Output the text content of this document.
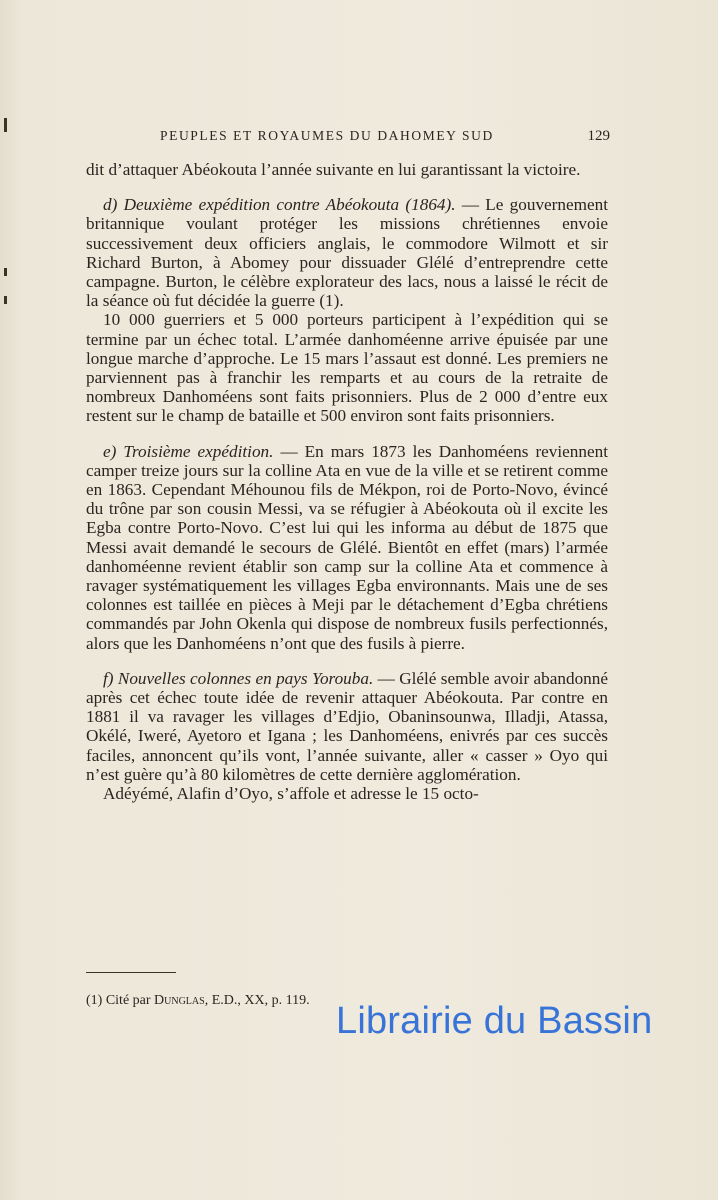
PEUPLES ET ROYAUMES DU DAHOMEY SUD	129

dit d’attaquer Abéokouta l’année suivante en lui garantissant la victoire.

d) Deuxième expédition contre Abéokouta (1864). — Le gouvernement britannique voulant protéger les missions chrétiennes envoie successivement deux officiers anglais, le commodore Wilmott et sir Richard Burton, à Abomey pour dissuader Glélé d’entreprendre cette campagne. Burton, le célèbre explorateur des lacs, nous a laissé le récit de la séance où fut décidée la guerre (1).

10 000 guerriers et 5 000 porteurs participent à l’expédition qui se termine par un échec total. L’armée danhoméenne arrive épuisée par une longue marche d’approche. Le 15 mars l’assaut est donné. Les premiers ne parviennent pas à franchir les remparts et au cours de la retraite de nombreux Danhoméens sont faits prisonniers. Plus de 2 000 d’entre eux restent sur le champ de bataille et 500 environ sont faits prisonniers.

e) Troisième expédition. — En mars 1873 les Danhoméens reviennent camper treize jours sur la colline Ata en vue de la ville et se retirent comme en 1863. Cependant Méhounou fils de Mékpon, roi de Porto-Novo, évincé du trône par son cousin Messi, va se réfugier à Abéokouta où il excite les Egba contre Porto-Novo. C’est lui qui les informa au début de 1875 que Messi avait demandé le secours de Glélé. Bientôt en effet (mars) l’armée danhoméenne revient établir son camp sur la colline Ata et commence à ravager systématiquement les villages Egba environnants. Mais une de ses colonnes est taillée en pièces à Meji par le détachement d’Egba chrétiens commandés par John Okenla qui dispose de nombreux fusils perfectionnés, alors que les Danhoméens n’ont que des fusils à pierre.

f) Nouvelles colonnes en pays Yorouba. — Glélé semble avoir abandonné après cet échec toute idée de revenir attaquer Abéokouta. Par contre en 1881 il va ravager les villages d’Edjio, Obaninsounwa, Illadji, Atassa, Okélé, Iweré, Ayetoro et Igana ; les Danhoméens, enivrés par ces succès faciles, annoncent qu’ils vont, l’année suivante, aller « casser » Oyo qui n’est guère qu’à 80 kilomètres de cette dernière agglomération.

Adéyémé, Alafin d’Oyo, s’affole et adresse le 15 octo-

(1) Cité par Dunglas, E.D., XX, p. 119. Librairie du Bassin
